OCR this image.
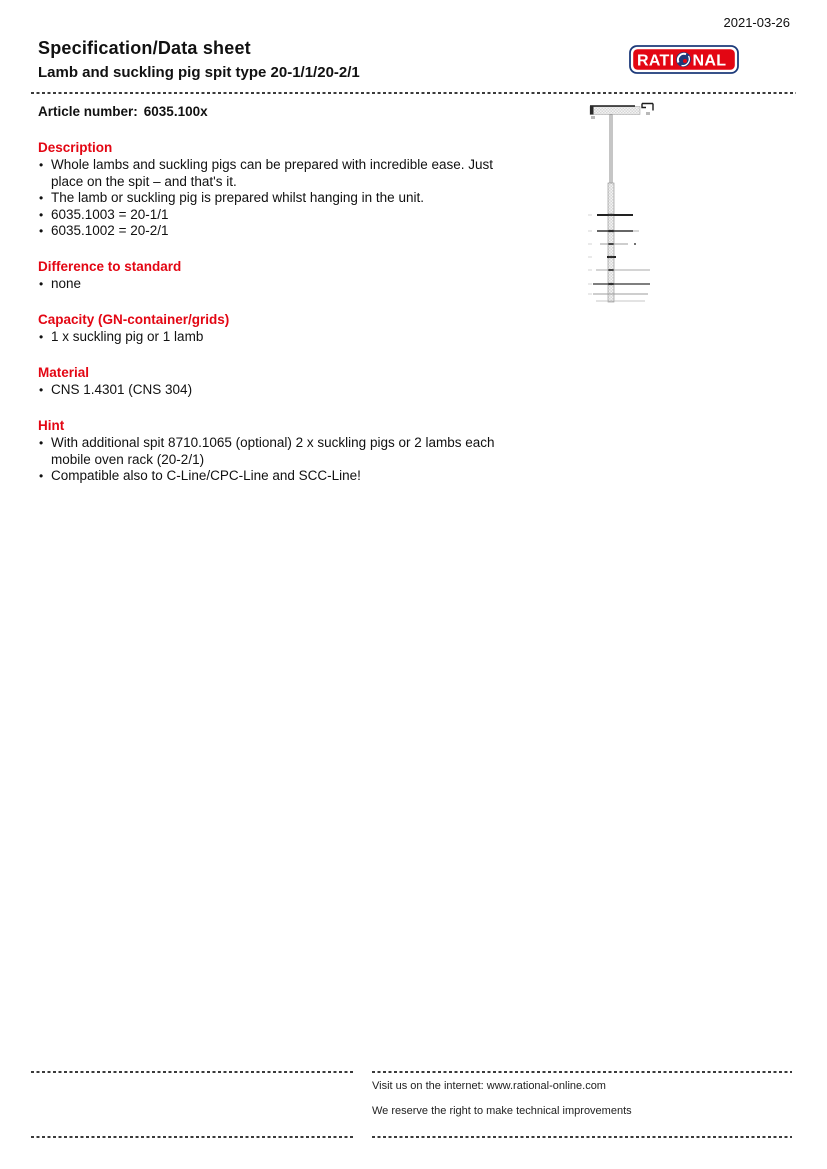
2021-03-26
Specification/Data sheet
Lamb and suckling pig spit type 20-1/1/20-2/1
RATI NAL
Article number: 6035.100x
Description
• Whole lambs and suckling pigs can be prepared with incredible ease. Just place on the spit – and that's it.
• The lamb or suckling pig is prepared whilst hanging in the unit.
• 6035.1003 = 20-1/1
• 6035.1002 = 20-2/1
Difference to standard
• none
Capacity (GN-container/grids)
• 1 x suckling pig or 1 lamb
Material
• CNS 1.4301 (CNS 304)
Hint
• With additional spit 8710.1065 (optional) 2 x suckling pigs or 2 lambs each mobile oven rack (20-2/1)
• Compatible also to C-Line/CPC-Line and SCC-Line!
Visit us on the internet: www.rational-online.com
We reserve the right to make technical improvements
